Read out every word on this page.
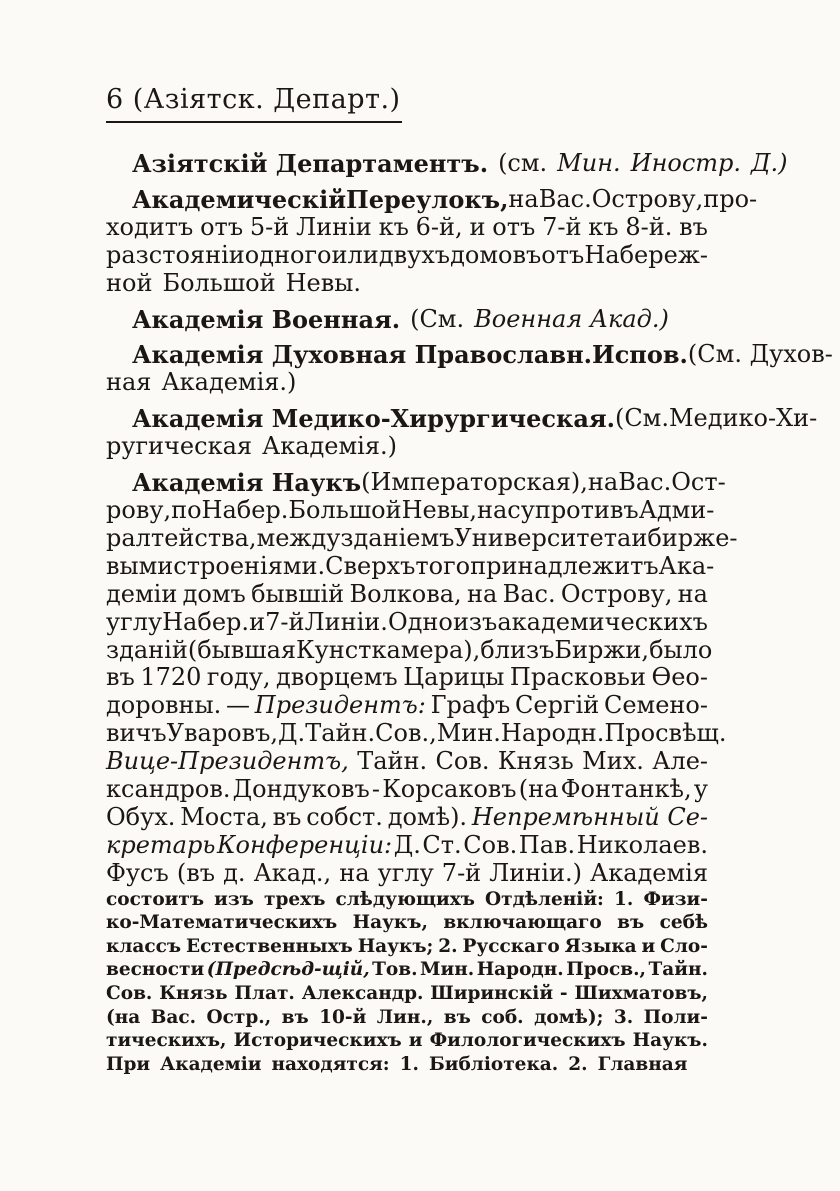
6 (Азіятск. Департ.)
Азіятскій Департаментъ. (см. Мин. Иностр. Д.)
Академическій Переулокъ, на Вас. Острову, про-
ходитъ отъ 5-й Линіи къ 6-й, и отъ 7-й къ 8-й. въ
разстояніи одного или двухъ домовъ отъ Набереж-
ной Большой Невы.
Академія Военная. (См. Военная Акад.)
Академія Духовная Православн. Испов. (См. Духов-
ная Академія.)
Академія Медико-Хирургическая. (См. Медико-Хи-
ругическая Академія.)
Академія Наукъ (Императорская), на Вас. Ост-
рову, по Набер. Большой Невы, насупротивъ Адми-
ралтейства, между зданіемъ Университета и бирже-
выми строеніями. Сверхъ того принадлежитъ Ака-
деміи домъ бывшій Волкова, на Вас. Острову, на
углу Набер. и 7-й Линіи. Одно изъ академическихъ
зданій (бывшая Кунсткамера), близъ Биржи, было
въ 1720 году, дворцемъ Царицы Прасковьи Ѳео-
доровны. — Президентъ: Графъ Сергій Семено-
вичъ Уваровъ, Д. Тайн. Сов., Мин. Народн. Просвѣщ.
Вице-Президентъ, Тайн. Сов. Князь Мих. Але-
ксандров. Дондуковъ - Корсаковъ (на Фонтанкѣ, у
Обух. Моста, въ собст. домѣ). Непремѣнный Се-
кретарь Конференціи: Д. Ст. Сов. Пав. Николаев.
Фусъ (въ д. Акад., на углу 7-й Линіи.) Академія
состоитъ изъ трехъ слѣдующихъ Отдѣленій: 1. Физи-
ко-Математическихъ Наукъ, включающаго въ себѣ
классъ Естественныхъ Наукъ; 2. Русскаго Языка и Сло-
весности (Предсѣд-щій, Тов. Мин. Народн. Просв., Тайн.
Сов. Князь Плат. Александр. Ширинскій - Шихматовъ,
(на Вас. Остр., въ 10-й Лин., въ соб. домѣ); 3. Поли-
тическихъ, Историческихъ и Филологическихъ Наукъ.
При Академіи находятся: 1. Библіотека. 2. Главная
